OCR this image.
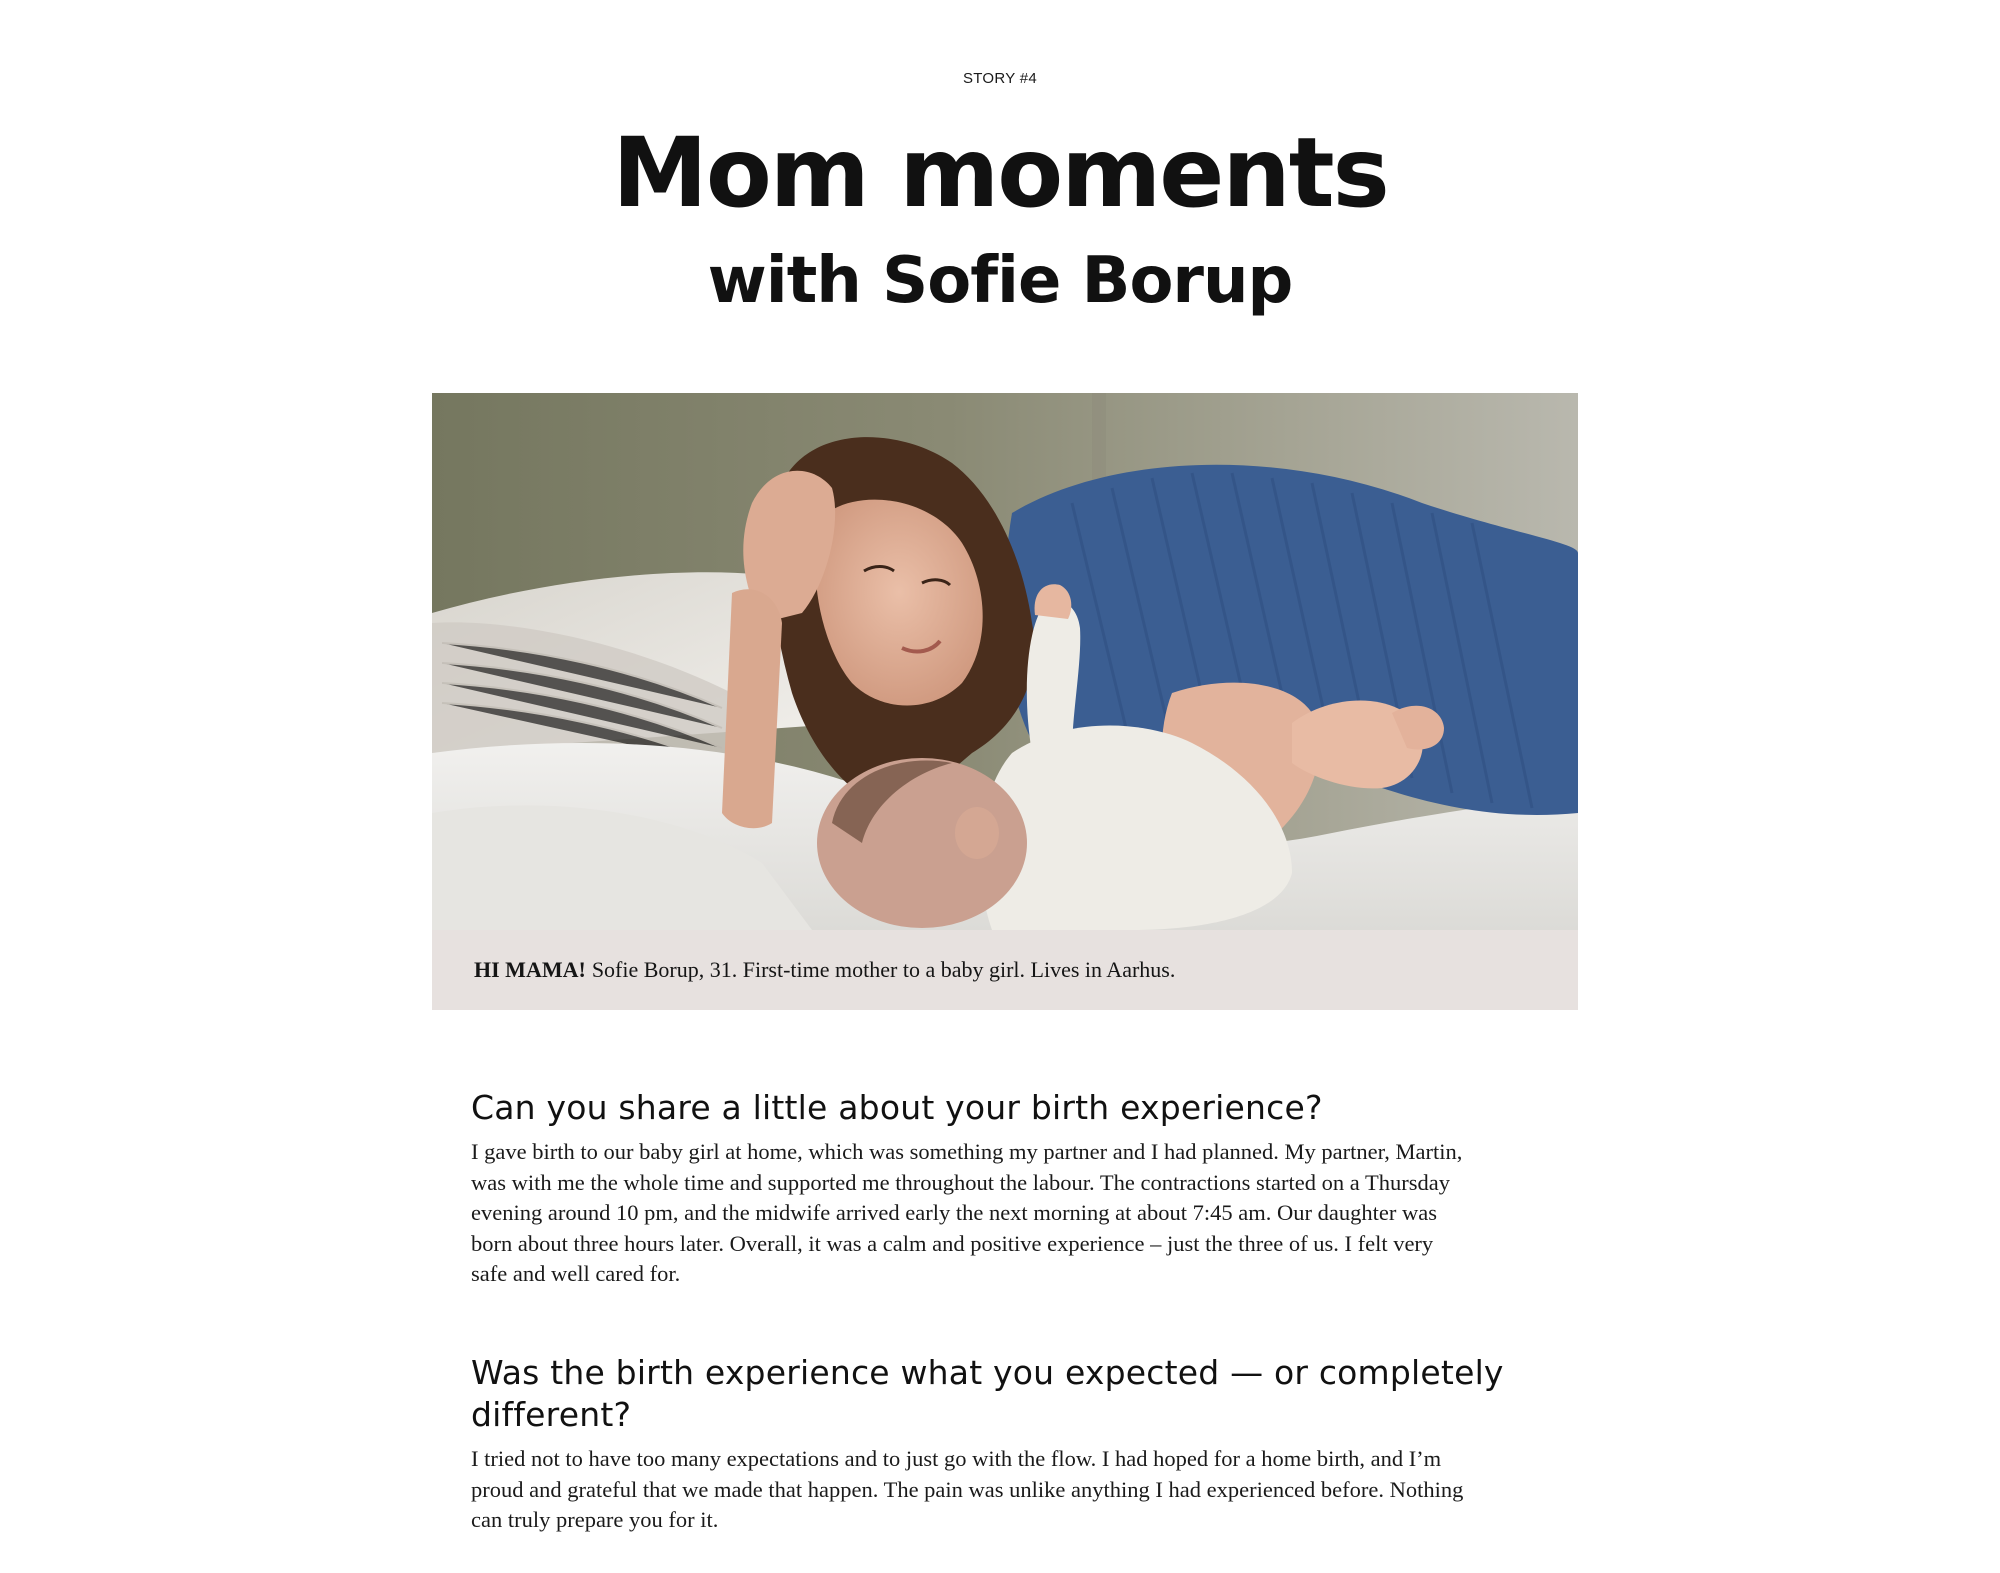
STORY #4
Mom moments
with Sofie Borup
HI MAMA! Sofie Borup, 31. First-time mother to a baby girl. Lives in Aarhus.
Can you share a little about your birth experience?

I gave birth to our baby girl at home, which was something my partner and I had planned. My partner, Martin, was with me the whole time and supported me throughout the labour. The contractions started on a Thursday evening around 10 pm, and the midwife arrived early the next morning at about 7:45 am. Our daughter was born about three hours later. Overall, it was a calm and positive experience – just the three of us. I felt very safe and well cared for.

Was the birth experience what you expected — or completely different?

I tried not to have too many expectations and to just go with the flow. I had hoped for a home birth, and I’m proud and grateful that we made that happen. The pain was unlike anything I had experienced before. Nothing can truly prepare you for it.
